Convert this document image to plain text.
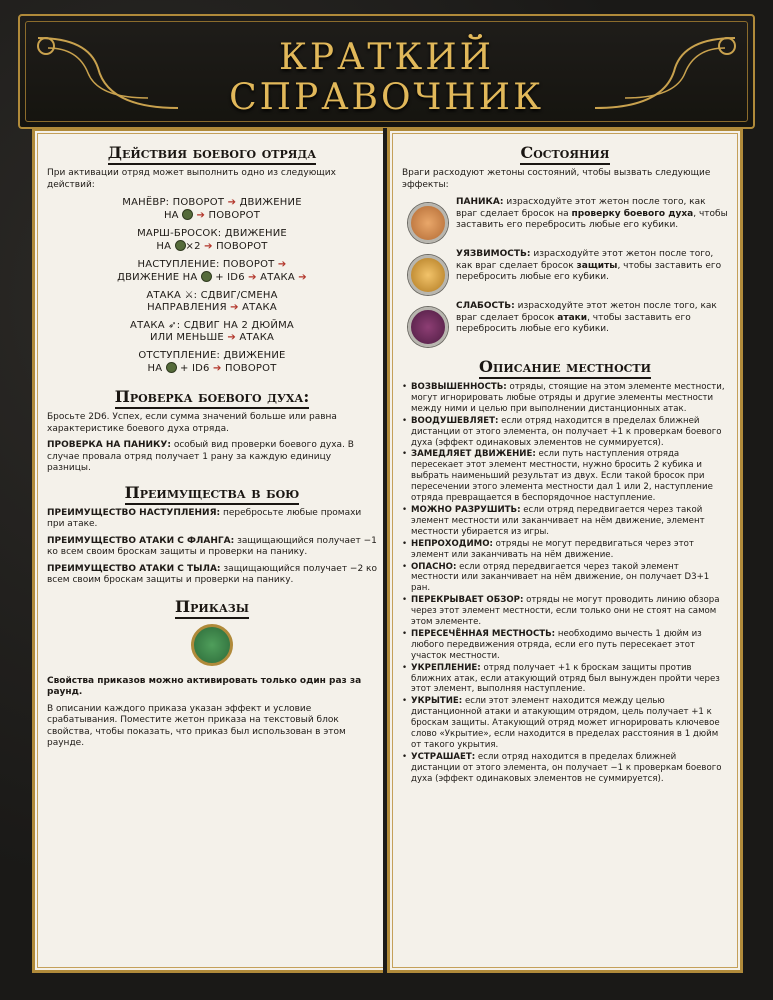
КРАТКИЙ
СПРАВОЧНИК
Действия боевого отряда

При активации отряд может выполнить одно из следующих действий:

МАНЁВР: ПОВОРОТ ➔ ДВИЖЕНИЕ
НА ➔ ПОВОРОТ
МАРШ-БРОСОК: ДВИЖЕНИЕ
НА ×2 ➔ ПОВОРОТ
НАСТУПЛЕНИЕ: ПОВОРОТ ➔
ДВИЖЕНИЕ НА + ID6 ➔ АТАКА ➔
АТАКА ⚔: СДВИГ/СМЕНА
НАПРАВЛЕНИЯ ➔ АТАКА
АТАКА ➶: СДВИГ НА 2 ДЮЙМА
ИЛИ МЕНЬШЕ ➔ АТАКА
ОТСТУПЛЕНИЕ: ДВИЖЕНИЕ
НА + ID6 ➔ ПОВОРОТ
Проверка боевого духа:

Бросьте 2D6. Успех, если сумма значений больше или равна характеристике боевого духа отряда.

ПРОВЕРКА НА ПАНИКУ: особый вид проверки боевого духа. В случае провала отряд получает 1 рану за каждую единицу разницы.

Преимущества в бою

ПРЕИМУЩЕСТВО НАСТУПЛЕНИЯ: перебросьте любые промахи при атаке.

ПРЕИМУЩЕСТВО АТАКИ С ФЛАНГА: защищающийся получает −1 ко всем своим броскам защиты и проверки на панику.

ПРЕИМУЩЕСТВО АТАКИ С ТЫЛА: защищающийся получает −2 ко всем своим броскам защиты и проверки на панику.

Приказы

Свойства приказов можно активировать только один раз за раунд.

В описании каждого приказа указан эффект и условие срабатывания. Поместите жетон приказа на текстовый блок свойства, чтобы показать, что приказ был использован в этом раунде.

Состояния

Враги расходуют жетоны состояний, чтобы вызвать следующие эффекты:

ПАНИКА: израсходуйте этот жетон после того, как враг сделает бросок на проверку боевого духа, чтобы заставить его перебросить любые его кубики.

УЯЗВИМОСТЬ: израсходуйте этот жетон после того, как враг сделает бросок защиты, чтобы заставить его перебросить любые его кубики.

СЛАБОСТЬ: израсходуйте этот жетон после того, как враг сделает бросок атаки, чтобы заставить его перебросить любые его кубики.

Описание местности
• ВОЗВЫШЕННОСТЬ: отряды, стоящие на этом элементе местности, могут игнорировать любые отряды и другие элементы местности между ними и целью при выполнении дистанционных атак.
• ВООДУШЕВЛЯЕТ: если отряд находится в пределах ближней дистанции от этого элемента, он получает +1 к проверкам боевого духа (эффект одинаковых элементов не суммируется).
• ЗАМЕДЛЯЕТ ДВИЖЕНИЕ: если путь наступления отряда пересекает этот элемент местности, нужно бросить 2 кубика и выбрать наименьший результат из двух. Если такой бросок при пересечении этого элемента местности дал 1 или 2, наступление отряда превращается в беспорядочное наступление.
• МОЖНО РАЗРУШИТЬ: если отряд передвигается через такой элемент местности или заканчивает на нём движение, элемент местности убирается из игры.
• НЕПРОХОДИМО: отряды не могут передвигаться через этот элемент или заканчивать на нём движение.
• ОПАСНО: если отряд передвигается через такой элемент местности или заканчивает на нём движение, он получает D3+1 ран.
• ПЕРЕКРЫВАЕТ ОБЗОР: отряды не могут проводить линию обзора через этот элемент местности, если только они не стоят на самом этом элементе.
• ПЕРЕСЕЧЁННАЯ МЕСТНОСТЬ: необходимо вычесть 1 дюйм из любого передвижения отряда, если его путь пересекает этот участок местности.
• УКРЕПЛЕНИЕ: отряд получает +1 к броскам защиты против ближних атак, если атакующий отряд был вынужден пройти через этот элемент, выполняя наступление.
• УКРЫТИЕ: если этот элемент находится между целью дистанционной атаки и атакующим отрядом, цель получает +1 к броскам защиты. Атакующий отряд может игнорировать ключевое слово «Укрытие», если находится в пределах расстояния в 1 дюйм от такого укрытия.
• УСТРАШАЕТ: если отряд находится в пределах ближней дистанции от этого элемента, он получает −1 к проверкам боевого духа (эффект одинаковых элементов не суммируется).
